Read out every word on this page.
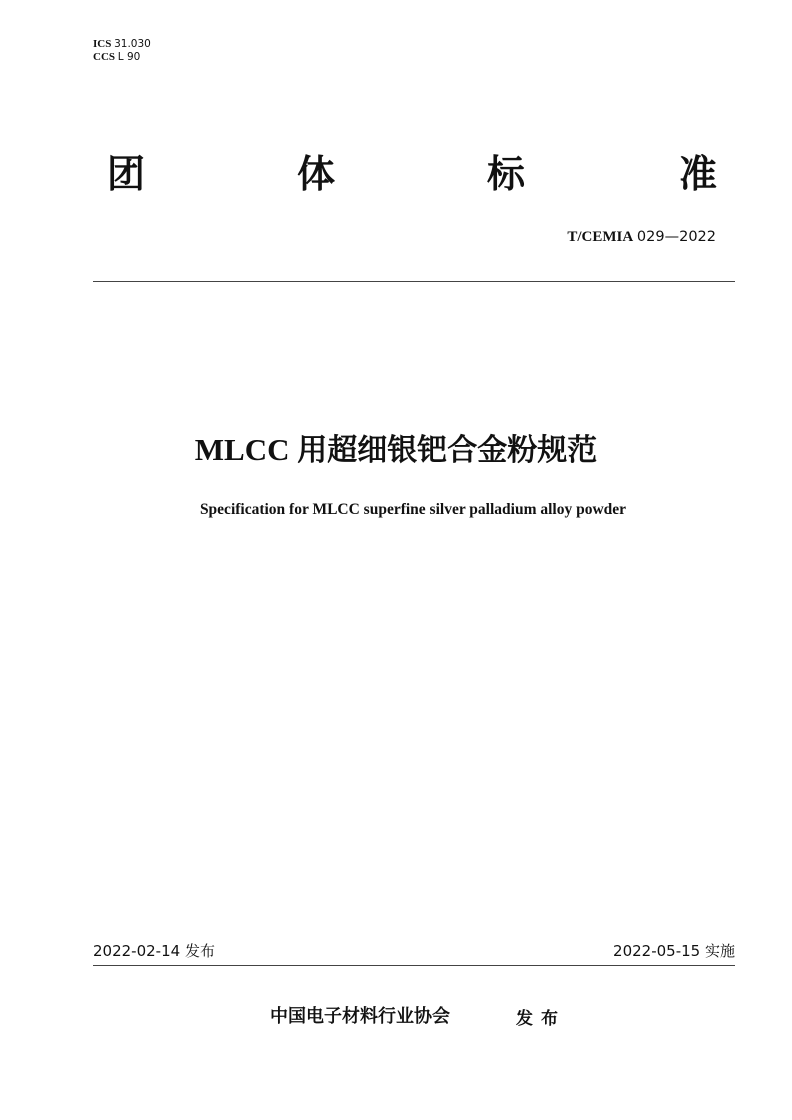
ICS 31.030
CCS L 90
团	体	标	准
T/CEMIA 029—2022
MLCC 用超细银钯合金粉规范
Specification for MLCC superfine silver palladium alloy powder
2022-02-14 发布	2022-05-15 实施
中国电子材料行业协会	发布
